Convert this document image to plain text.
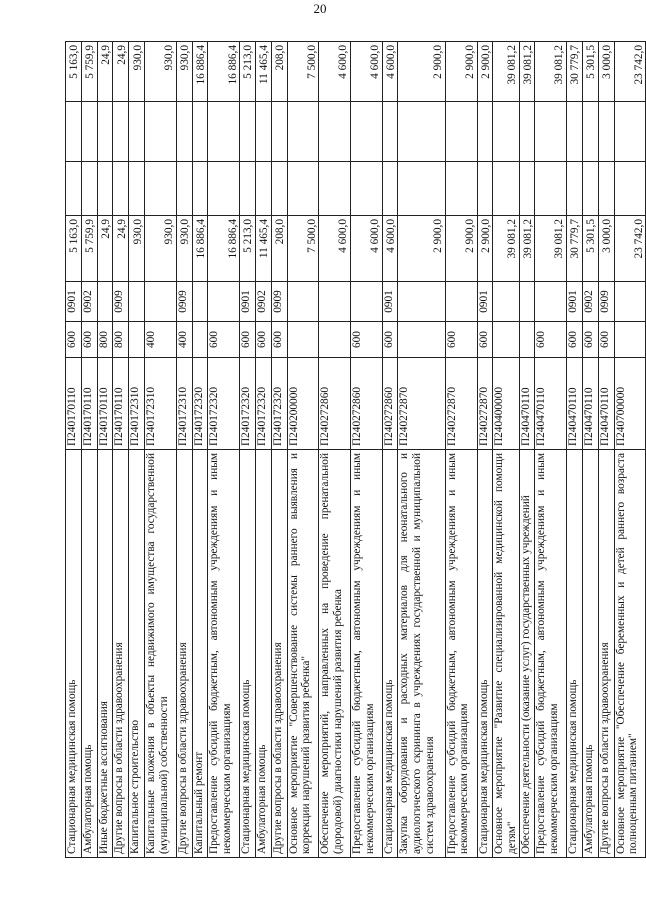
20
Стационарная медицинская помощь	П240170110	600	0901	5 163,0			5 163,0
Амбулаторная помощь	П240170110	600	0902	5 759,9			5 759,9
Иные бюджетные ассигнования	П240170110	800		24,9			24,9
Другие вопросы в области здравоохранения	П240170110	800	0909	24,9			24,9
Капитальное строительство	П240172310			930,0			930,0
Капитальные вложения в объекты недвижимого имущества государственной (муниципальной) собственности	П240172310	400		930,0			930,0
Другие вопросы в области здравоохранения	П240172310	400	0909	930,0			930,0
Капитальный ремонт	П240172320			16 886,4			16 886,4
Предоставление субсидий бюджетным, автономным учреждениям и иным некоммерческим организациям	П240172320	600		16 886,4			16 886,4
Стационарная медицинская помощь	П240172320	600	0901	5 213,0			5 213,0
Амбулаторная помощь	П240172320	600	0902	11 465,4			11 465,4
Другие вопросы в области здравоохранения	П240172320	600	0909	208,0			208,0
Основное мероприятие "Совершенствование системы раннего выявления и коррекции нарушений развития ребенка"	П240200000			7 500,0			7 500,0
Обеспечение мероприятий, направленных на проведение пренатальной (дородовой) диагностики нарушений развития ребенка	П240272860			4 600,0			4 600,0
Предоставление субсидий бюджетным, автономным учреждениям и иным некоммерческим организациям	П240272860	600		4 600,0			4 600,0
Стационарная медицинская помощь	П240272860	600	0901	4 600,0			4 600,0
Закупка оборудования и расходных материалов для неонатального и аудиологического скрининга в учреждениях государственной и муниципальной систем здравоохранения	П240272870			2 900,0			2 900,0
Предоставление субсидий бюджетным, автономным учреждениям и иным некоммерческим организациям	П240272870	600		2 900,0			2 900,0
Стационарная медицинская помощь	П240272870	600	0901	2 900,0			2 900,0
Основное мероприятие "Развитие специализированной медицинской помощи детям"	П240400000			39 081,2			39 081,2
Обеспечение деятельности (оказание услуг) государственных учреждений	П240470110			39 081,2			39 081,2
Предоставление субсидий бюджетным, автономным учреждениям и иным некоммерческим организациям	П240470110	600		39 081,2			39 081,2
Стационарная медицинская помощь	П240470110	600	0901	30 779,7			30 779,7
Амбулаторная помощь	П240470110	600	0902	5 301,5			5 301,5
Другие вопросы в области здравоохранения	П240470110	600	0909	3 000,0			3 000,0
Основное мероприятие "Обеспечение беременных и детей раннего возраста полноценным питанием"	П240700000			23 742,0			23 742,0
